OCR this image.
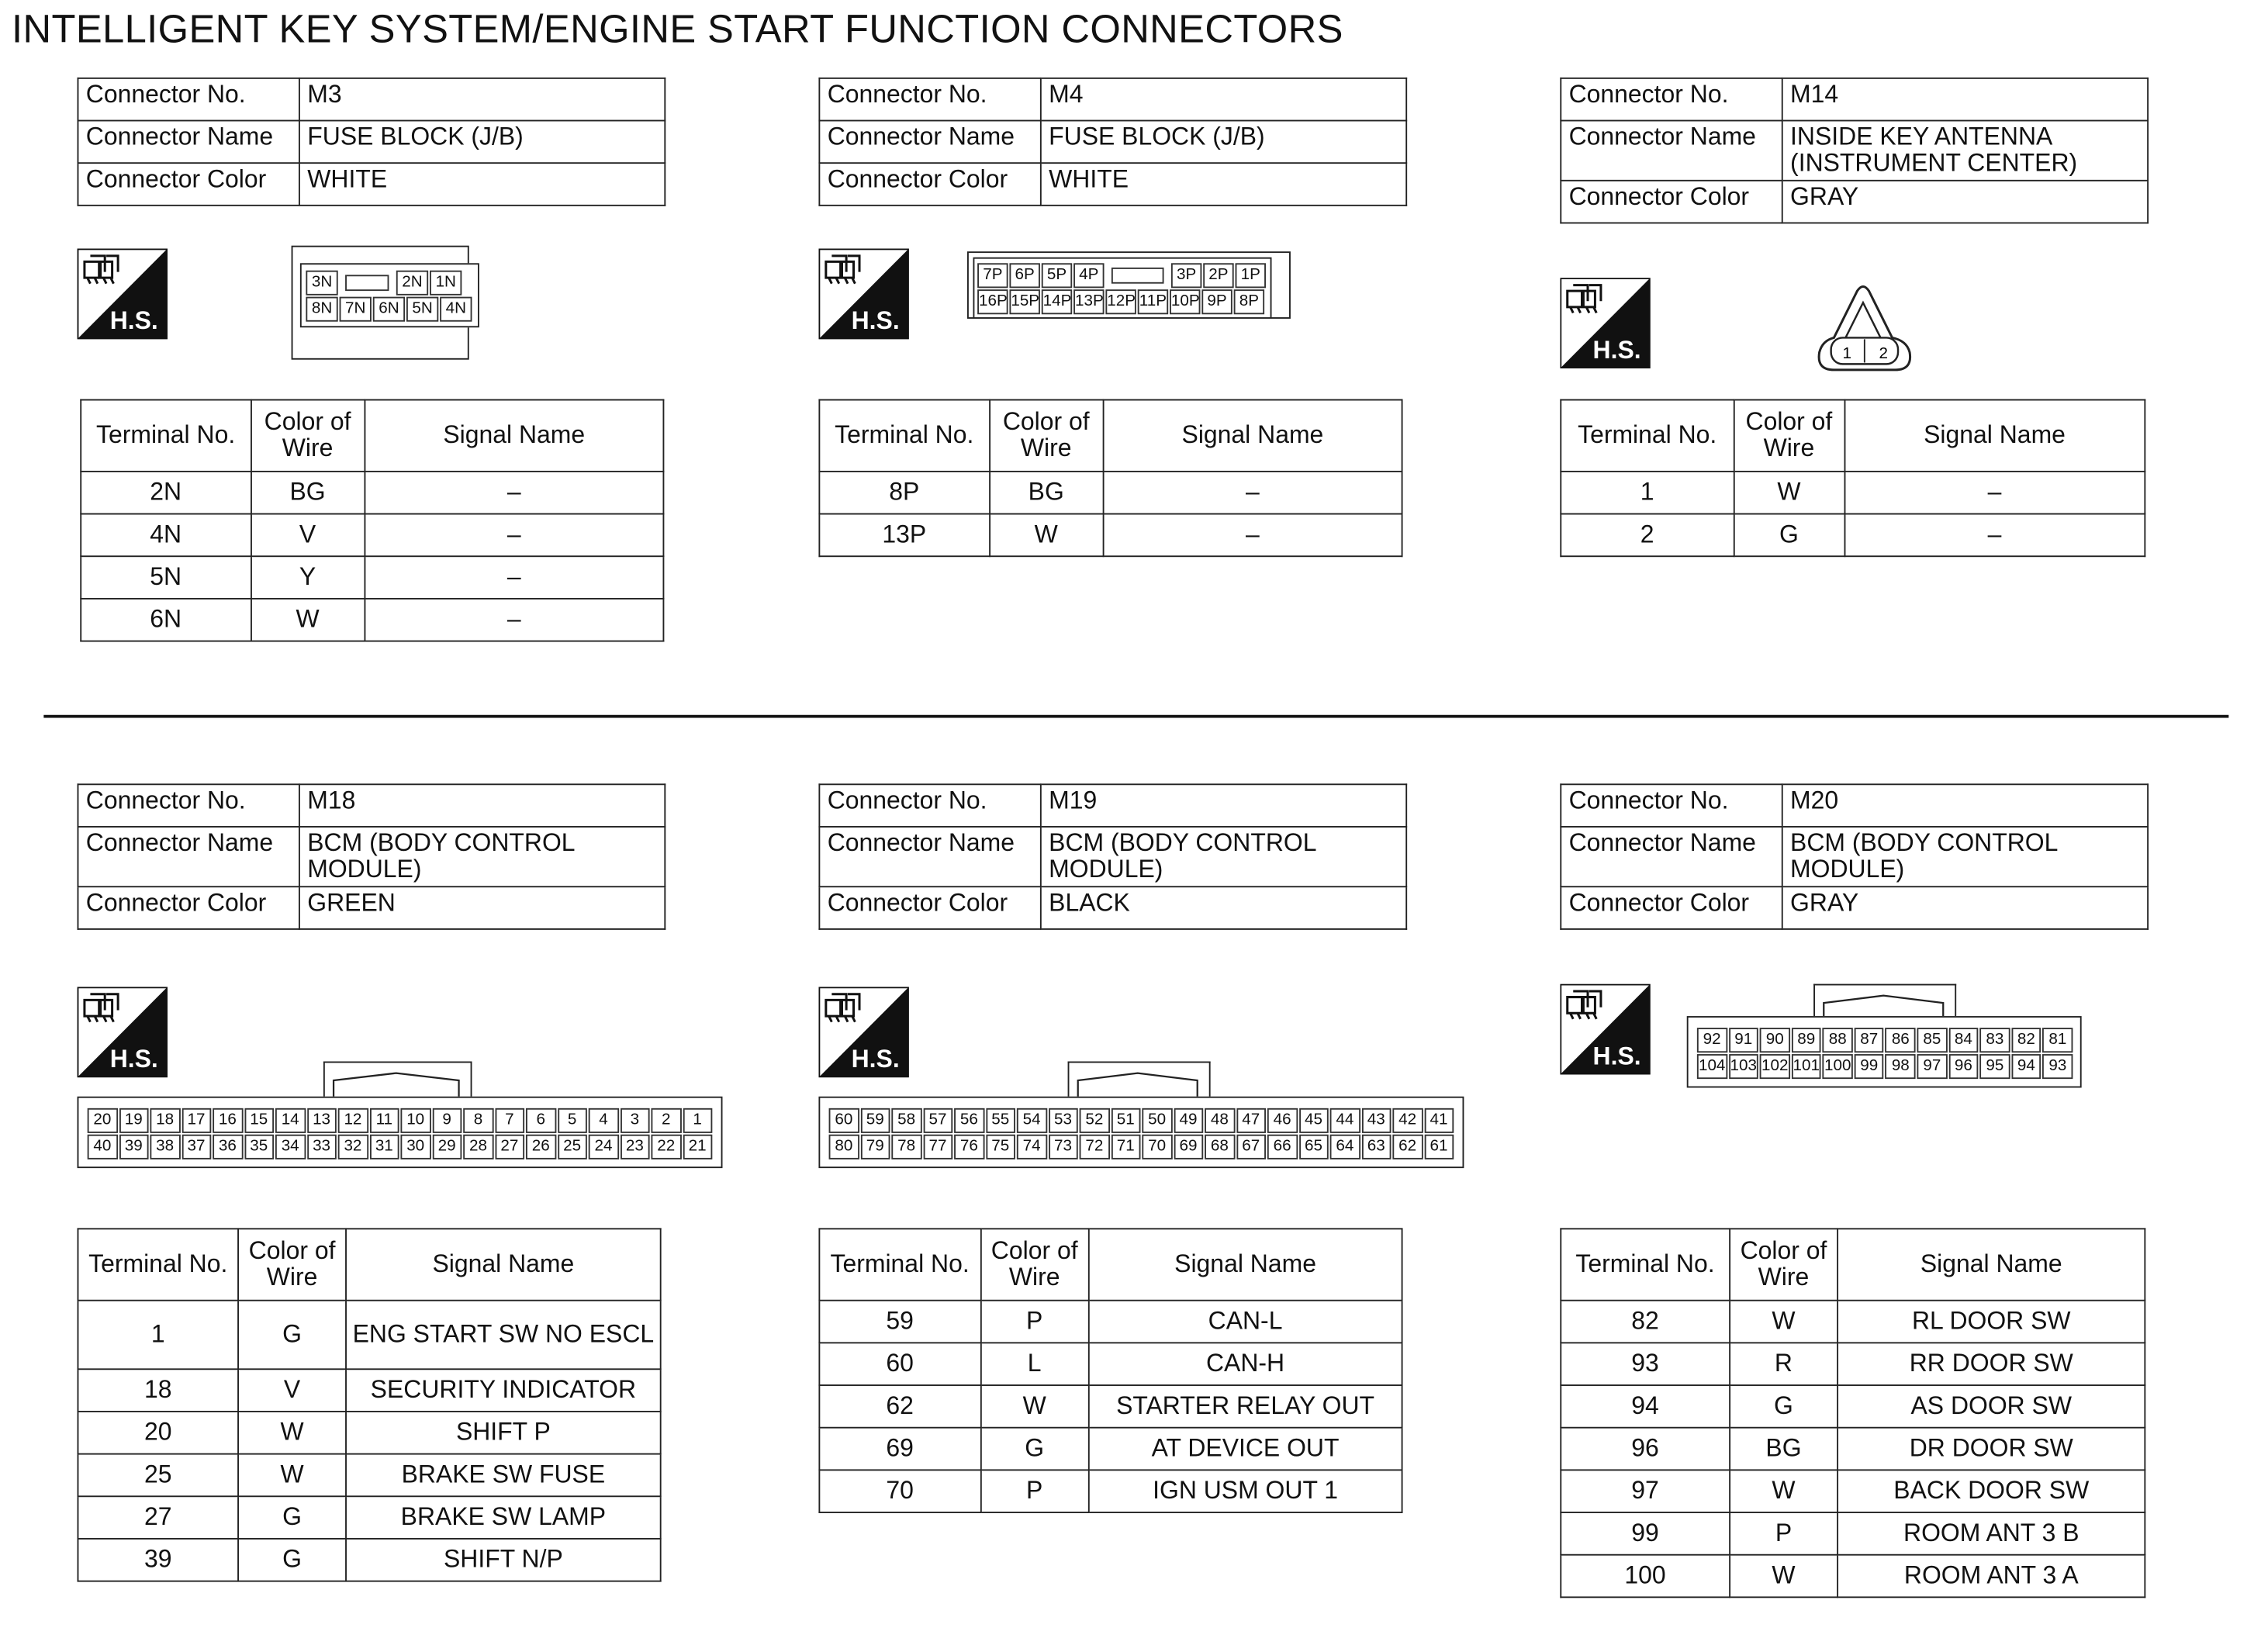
INTELLIGENT KEY SYSTEM/ENGINE START FUNCTION CONNECTORS
Connector No.	M3
Connector Name	FUSE BLOCK (J/B)
Connector Color	WHITE
H.S.
3N	2N	1N
8N	7N	6N	5N	4N
Terminal No.	Color of Wire	Signal Name
2N	BG	–
4N	V	–
5N	Y	–
6N	W	–
Connector No.	M4
Connector Name	FUSE BLOCK (J/B)
Connector Color	WHITE
H.S.
7P	6P	5P	4P	3P	2P	1P
16P 15P 14P 13P 12P 11P 10P 9P	8P
Terminal No.	Color of Wire	Signal Name
8P	BG	–
13P	W	–
Connector No.	M14
Connector Name	INSIDE KEY ANTENNA (INSTRUMENT CENTER)
Connector Color	GRAY
H.S.	1	2
Terminal No.	Color of Wire	Signal Name
1	W	–
2	G	–
Connector No.	M18
Connector Name	BCM (BODY CONTROL MODULE)
Connector Color	GREEN
H.S.
20	19	18	17	16	15	14	13	12	11	10	9	8	7	6	5	4	3	2	1
40	39	38	37	36	35	34	33	32	31	30	29	28	27	26	25	24	23	22	21
Terminal No.	Color of Wire	Signal Name
1	G	ENG START SW NO ESCL
18	V	SECURITY INDICATOR
20	W	SHIFT P
25	W	BRAKE SW FUSE
27	G	BRAKE SW LAMP
39	G	SHIFT N/P
Connector No.	M19
Connector Name	BCM (BODY CONTROL MODULE)
Connector Color	BLACK
H.S.
60	59	58	57	56	55	54	53	52	51	50	49	48	47	46	45	44	43	42	41
80	79	78	77	76	75	74	73	72	71	70	69	68	67	66	65	64	63	62	61
Terminal No.	Color of Wire	Signal Name
59	P	CAN-L
60	L	CAN-H
62	W	STARTER RELAY OUT
69	G	AT DEVICE OUT
70	P	IGN USM OUT 1
Connector No.	M20
Connector Name	BCM (BODY CONTROL MODULE)
Connector Color	GRAY
H.S.
92	91	90	89	88	87	86	85	84	83	82	81
104 103 102 101 100	99	98	97	96	95	94	93
Terminal No.	Color of Wire	Signal Name
82	W	RL DOOR SW
93	R	RR DOOR SW
94	G	AS DOOR SW
96	BG	DR DOOR SW
97	W	BACK DOOR SW
99	P	ROOM ANT 3 B
100	W	ROOM ANT 3 A
